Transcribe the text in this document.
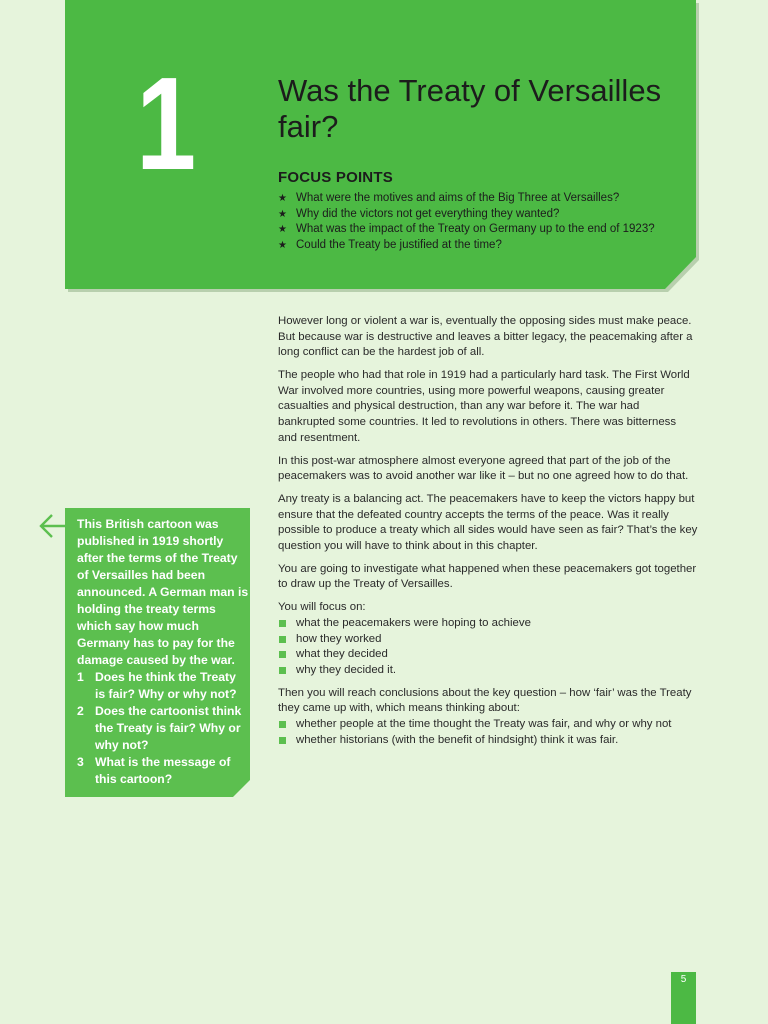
1	Was the Treaty of Versailles fair?
FOCUS POINTS
★ What were the motives and aims of the Big Three at Versailles?
★ Why did the victors not get everything they wanted?
★ What was the impact of the Treaty on Germany up to the end of 1923?
★ Could the Treaty be justified at the time?

This British cartoon was published in 1919 shortly after the terms of the Treaty of Versailles had been announced. A German man is holding the treaty terms which say how much Germany has to pay for the damage caused by the war.

1 Does he think the Treaty is fair? Why or why not?
2 Does the cartoonist think the Treaty is fair? Why or why not?
3 What is the message of this cartoon?

However long or violent a war is, eventually the opposing sides must make peace. But because war is destructive and leaves a bitter legacy, the peacemaking after a long conflict can be the hardest job of all.

The people who had that role in 1919 had a particularly hard task. The First World War involved more countries, using more powerful weapons, causing greater casualties and physical destruction, than any war before it. The war had bankrupted some countries. It led to revolutions in others. There was bitterness and resentment.

In this post-war atmosphere almost everyone agreed that part of the job of the peacemakers was to avoid another war like it – but no one agreed how to do that.

Any treaty is a balancing act. The peacemakers have to keep the victors happy but ensure that the defeated country accepts the terms of the peace. Was it really possible to produce a treaty which all sides would have seen as fair? That’s the key question you will have to think about in this chapter.

You are going to investigate what happened when these peacemakers got together to draw up the Treaty of Versailles.

You will focus on:

what the peacemakers were hoping to achieve
how they worked
what they decided
why they decided it.

Then you will reach conclusions about the key question – how ‘fair’ was the Treaty they came up with, which means thinking about:

whether people at the time thought the Treaty was fair, and why or why not
whether historians (with the benefit of hindsight) think it was fair.
5
